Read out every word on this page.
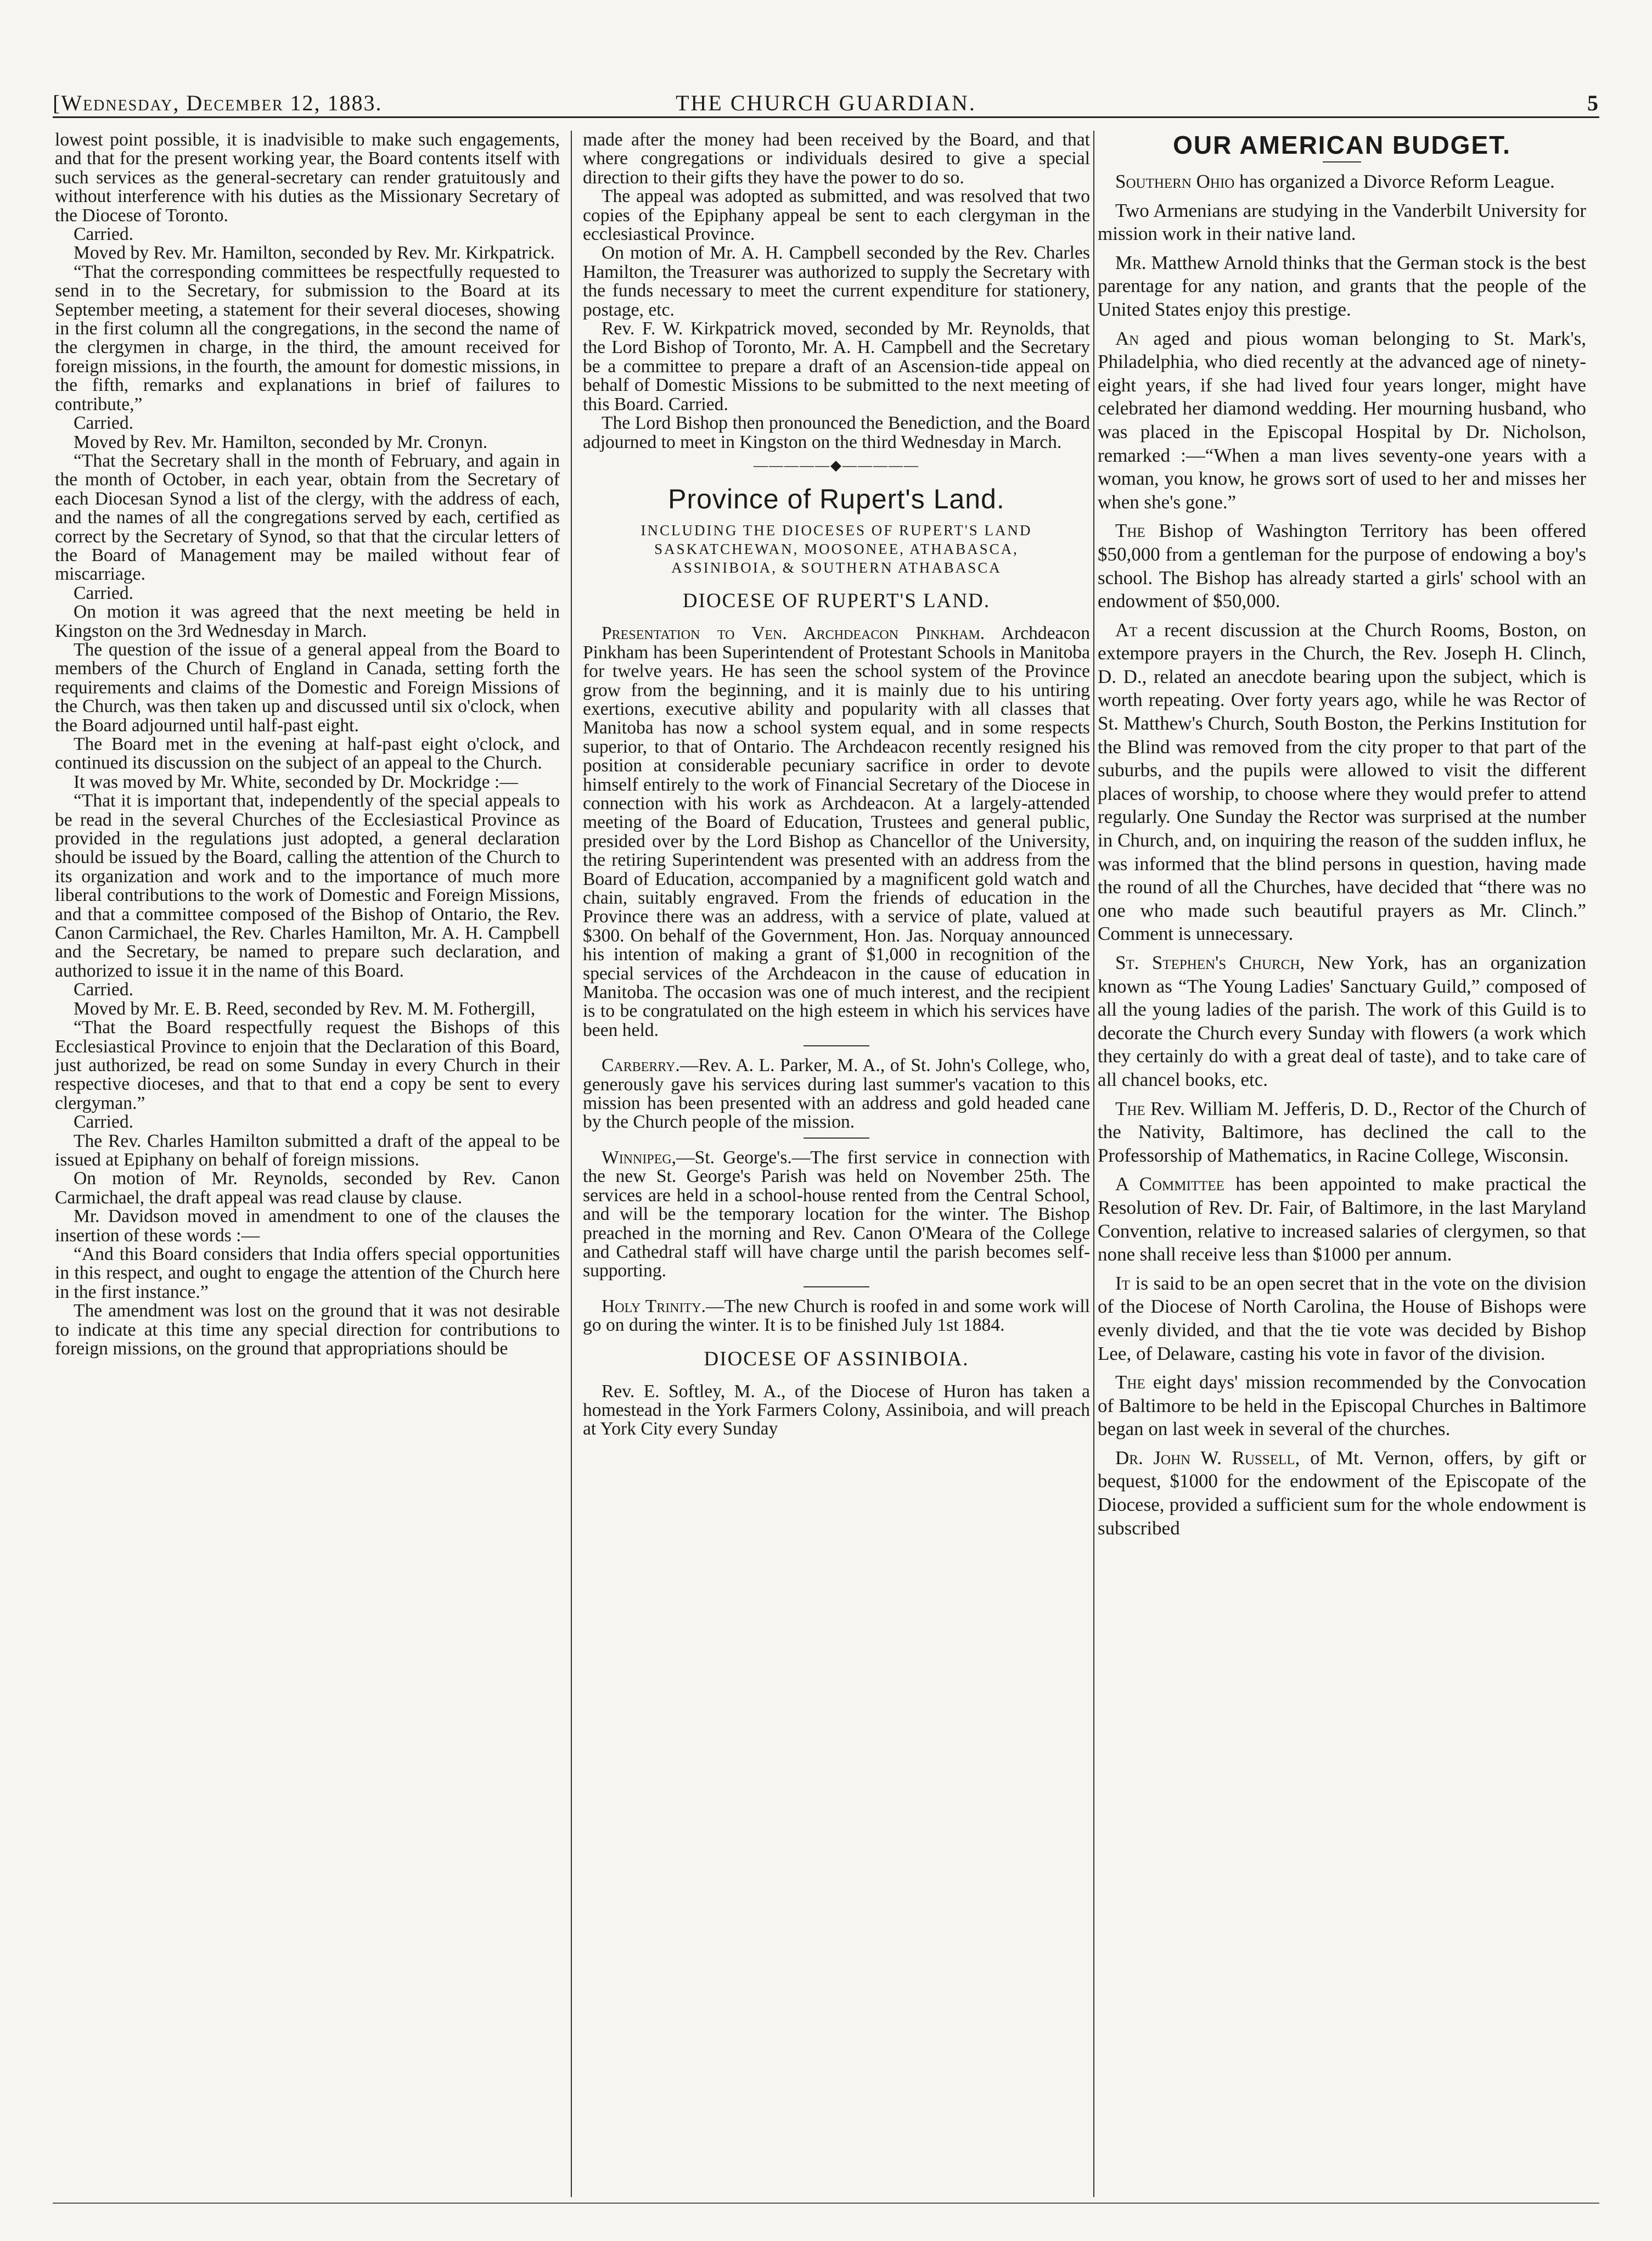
[Wednesday, December 12, 1883.	THE CHURCH GUARDIAN.	5

lowest point possible, it is inadvisible to make such engagements, and that for the present working year, the Board contents itself with such services as the general-secretary can render gratuitously and without interference with his duties as the Missionary Secretary of the Diocese of Toronto.

Carried.

Moved by Rev. Mr. Hamilton, seconded by Rev. Mr. Kirkpatrick.

“That the corresponding committees be respectfully requested to send in to the Secretary, for submission to the Board at its September meeting, a statement for their several dioceses, showing in the first column all the congregations, in the second the name of the clergymen in charge, in the third, the amount received for foreign missions, in the fourth, the amount for domestic missions, in the fifth, remarks and explanations in brief of failures to contribute,”

Carried.

Moved by Rev. Mr. Hamilton, seconded by Mr. Cronyn.

“That the Secretary shall in the month of February, and again in the month of October, in each year, obtain from the Secretary of each Diocesan Synod a list of the clergy, with the address of each, and the names of all the congregations served by each, certified as correct by the Secretary of Synod, so that that the circular letters of the Board of Management may be mailed without fear of miscarriage.

Carried.

On motion it was agreed that the next meeting be held in Kingston on the 3rd Wednesday in March.

The question of the issue of a general appeal from the Board to members of the Church of England in Canada, setting forth the requirements and claims of the Domestic and Foreign Missions of the Church, was then taken up and discussed until six o'clock, when the Board adjourned until half-past eight.

The Board met in the evening at half-past eight o'clock, and continued its discussion on the subject of an appeal to the Church.

It was moved by Mr. White, seconded by Dr. Mockridge :—

“That it is important that, independently of the special appeals to be read in the several Churches of the Ecclesiastical Province as provided in the regulations just adopted, a general declaration should be issued by the Board, calling the attention of the Church to its organization and work and to the importance of much more liberal contributions to the work of Domestic and Foreign Missions, and that a committee composed of the Bishop of Ontario, the Rev. Canon Carmichael, the Rev. Charles Hamilton, Mr. A. H. Campbell and the Secretary, be named to prepare such declaration, and authorized to issue it in the name of this Board.

Carried.

Moved by Mr. E. B. Reed, seconded by Rev. M. M. Fothergill,

“That the Board respectfully request the Bishops of this Ecclesiastical Province to enjoin that the Declaration of this Board, just authorized, be read on some Sunday in every Church in their respective dioceses, and that to that end a copy be sent to every clergyman.”

Carried.

The Rev. Charles Hamilton submitted a draft of the appeal to be issued at Epiphany on behalf of foreign missions.

On motion of Mr. Reynolds, seconded by Rev. Canon Carmichael, the draft appeal was read clause by clause.

Mr. Davidson moved in amendment to one of the clauses the insertion of these words :—

“And this Board considers that India offers special opportunities in this respect, and ought to engage the attention of the Church here in the first instance.”

The amendment was lost on the ground that it was not desirable to indicate at this time any special direction for contributions to foreign missions, on the ground that appropriations should be

made after the money had been received by the Board, and that where congregations or individuals desired to give a special direction to their gifts they have the power to do so.

The appeal was adopted as submitted, and was resolved that two copies of the Epiphany appeal be sent to each clergyman in the ecclesiastical Province.

On motion of Mr. A. H. Campbell seconded by the Rev. Charles Hamilton, the Treasurer was authorized to supply the Secretary with the funds necessary to meet the current expenditure for stationery, postage, etc.

Rev. F. W. Kirkpatrick moved, seconded by Mr. Reynolds, that the Lord Bishop of Toronto, Mr. A. H. Campbell and the Secretary be a committee to prepare a draft of an Ascension-tide appeal on behalf of Domestic Missions to be submitted to the next meeting of this Board. Carried.

The Lord Bishop then pronounced the Benediction, and the Board adjourned to meet in Kingston on the third Wednesday in March.

—————◆—————
Province of Rupert's Land.
INCLUDING THE DIOCESES OF RUPERT'S LAND
SASKATCHEWAN, MOOSONEE, ATHABASCA,
ASSINIBOIA, & SOUTHERN ATHABASCA
DIOCESE OF RUPERT'S LAND.

Presentation to Ven. Archdeacon Pinkham. Archdeacon Pinkham has been Superintendent of Protestant Schools in Manitoba for twelve years. He has seen the school system of the Province grow from the beginning, and it is mainly due to his untiring exertions, executive ability and popularity with all classes that Manitoba has now a school system equal, and in some respects superior, to that of Ontario. The Archdeacon recently resigned his position at considerable pecuniary sacrifice in order to devote himself entirely to the work of Financial Secretary of the Diocese in connection with his work as Archdeacon. At a largely-attended meeting of the Board of Education, Trustees and general public, presided over by the Lord Bishop as Chancellor of the University, the retiring Superintendent was presented with an address from the Board of Education, accompanied by a magnificent gold watch and chain, suitably engraved. From the friends of education in the Province there was an address, with a service of plate, valued at $300. On behalf of the Government, Hon. Jas. Norquay announced his intention of making a grant of $1,000 in recognition of the special services of the Archdeacon in the cause of education in Manitoba. The occasion was one of much interest, and the recipient is to be congratulated on the high esteem in which his services have been held.

Carberry.—Rev. A. L. Parker, M. A., of St. John's College, who, generously gave his services during last summer's vacation to this mission has been presented with an address and gold headed cane by the Church people of the mission.

Winnipeg,—St. George's.—The first service in connection with the new St. George's Parish was held on November 25th. The services are held in a school-house rented from the Central School, and will be the temporary location for the winter. The Bishop preached in the morning and Rev. Canon O'Meara of the College and Cathedral staff will have charge until the parish becomes self-supporting.

Holy Trinity.—The new Church is roofed in and some work will go on during the winter. It is to be finished July 1st 1884.

DIOCESE OF ASSINIBOIA.

Rev. E. Softley, M. A., of the Diocese of Huron has taken a homestead in the York Farmers Colony, Assiniboia, and will preach at York City every Sunday

OUR AMERICAN BUDGET.

Southern Ohio has organized a Divorce Reform League.

Two Armenians are studying in the Vanderbilt University for mission work in their native land.

Mr. Matthew Arnold thinks that the German stock is the best parentage for any nation, and grants that the people of the United States enjoy this prestige.

An aged and pious woman belonging to St. Mark's, Philadelphia, who died recently at the advanced age of ninety-eight years, if she had lived four years longer, might have celebrated her diamond wedding. Her mourning husband, who was placed in the Episcopal Hospital by Dr. Nicholson, remarked :—“When a man lives seventy-one years with a woman, you know, he grows sort of used to her and misses her when she's gone.”

The Bishop of Washington Territory has been offered $50,000 from a gentleman for the purpose of endowing a boy's school. The Bishop has already started a girls' school with an endowment of $50,000.

At a recent discussion at the Church Rooms, Boston, on extempore prayers in the Church, the Rev. Joseph H. Clinch, D. D., related an anecdote bearing upon the subject, which is worth repeating. Over forty years ago, while he was Rector of St. Matthew's Church, South Boston, the Perkins Institution for the Blind was removed from the city proper to that part of the suburbs, and the pupils were allowed to visit the different places of worship, to choose where they would prefer to attend regularly. One Sunday the Rector was surprised at the number in Church, and, on inquiring the reason of the sudden influx, he was informed that the blind persons in question, having made the round of all the Churches, have decided that “there was no one who made such beautiful prayers as Mr. Clinch.” Comment is unnecessary.

St. Stephen's Church, New York, has an organization known as “The Young Ladies' Sanctuary Guild,” composed of all the young ladies of the parish. The work of this Guild is to decorate the Church every Sunday with flowers (a work which they certainly do with a great deal of taste), and to take care of all chancel books, etc.

The Rev. William M. Jefferis, D. D., Rector of the Church of the Nativity, Baltimore, has declined the call to the Professorship of Mathematics, in Racine College, Wisconsin.

A Committee has been appointed to make practical the Resolution of Rev. Dr. Fair, of Baltimore, in the last Maryland Convention, relative to increased salaries of clergymen, so that none shall receive less than $1000 per annum.

It is said to be an open secret that in the vote on the division of the Diocese of North Carolina, the House of Bishops were evenly divided, and that the tie vote was decided by Bishop Lee, of Delaware, casting his vote in favor of the division.

The eight days' mission recommended by the Convocation of Baltimore to be held in the Episcopal Churches in Baltimore began on last week in several of the churches.

Dr. John W. Russell, of Mt. Vernon, offers, by gift or bequest, $1000 for the endowment of the Episcopate of the Diocese, provided a sufficient sum for the whole endowment is subscribed
